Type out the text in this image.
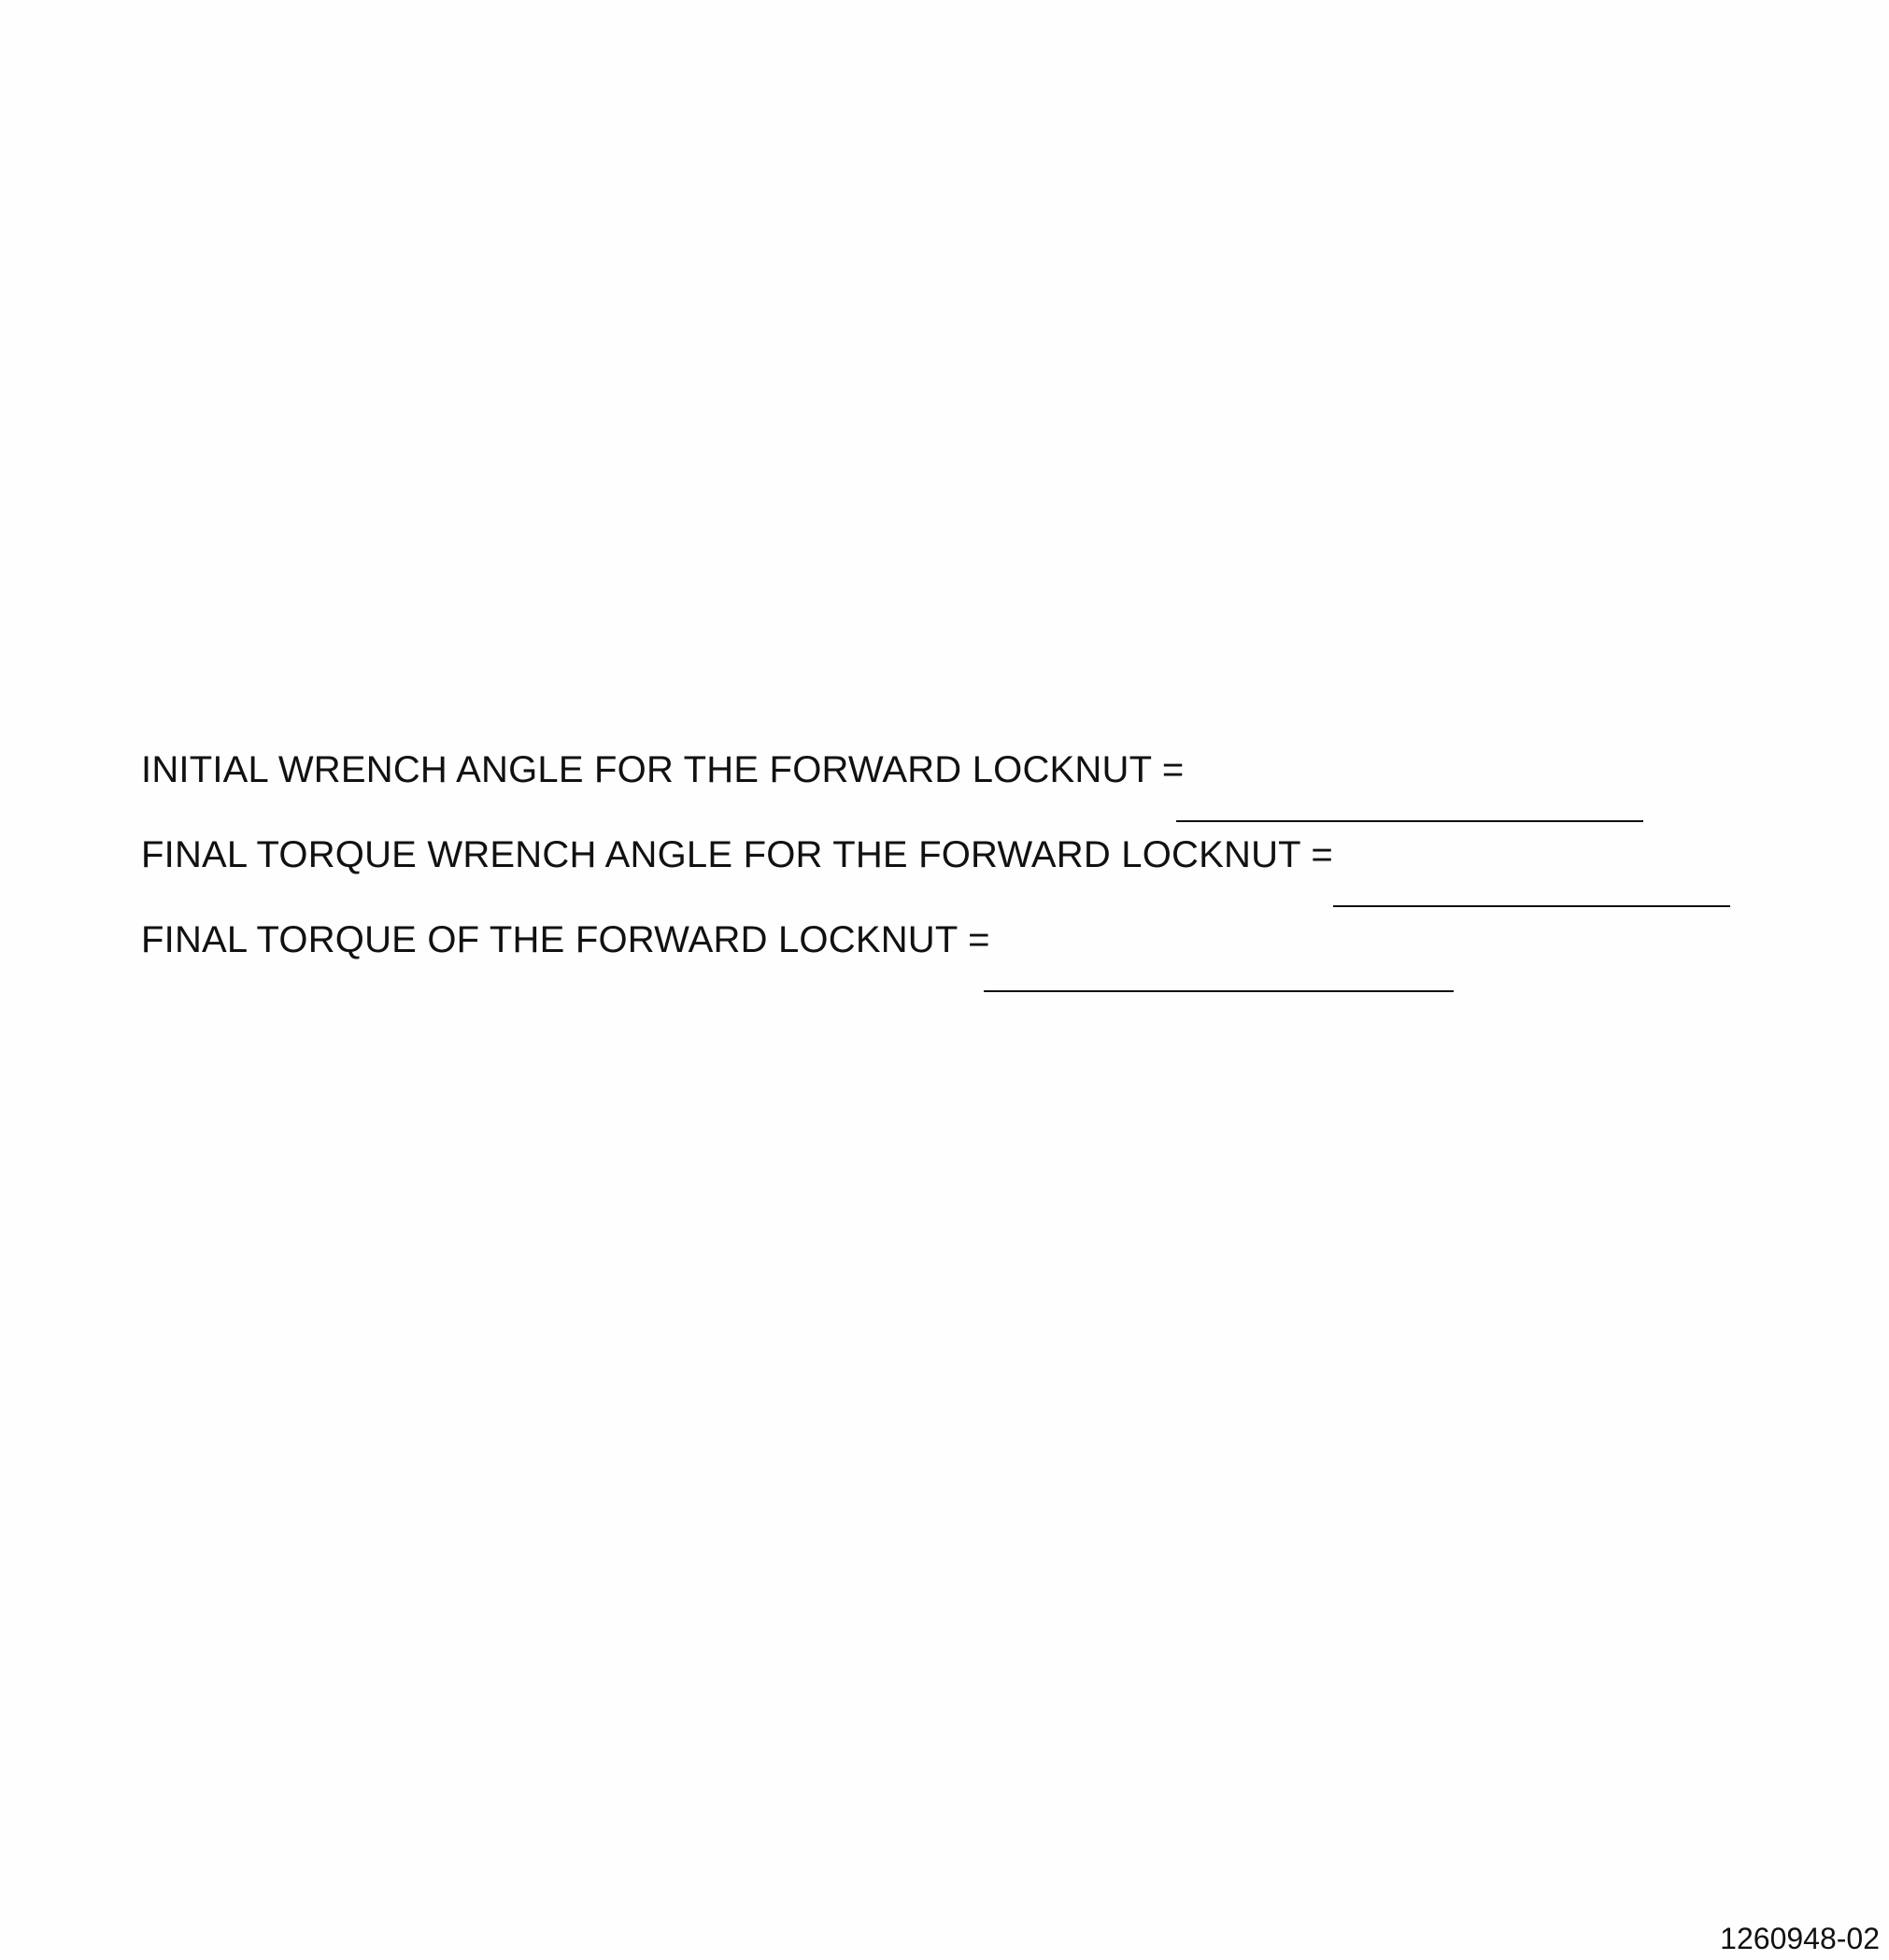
INITIAL WRENCH ANGLE FOR THE FORWARD LOCKNUT =
FINAL TORQUE WRENCH ANGLE FOR THE FORWARD LOCKNUT =
FINAL TORQUE OF THE FORWARD LOCKNUT =
1260948-02
